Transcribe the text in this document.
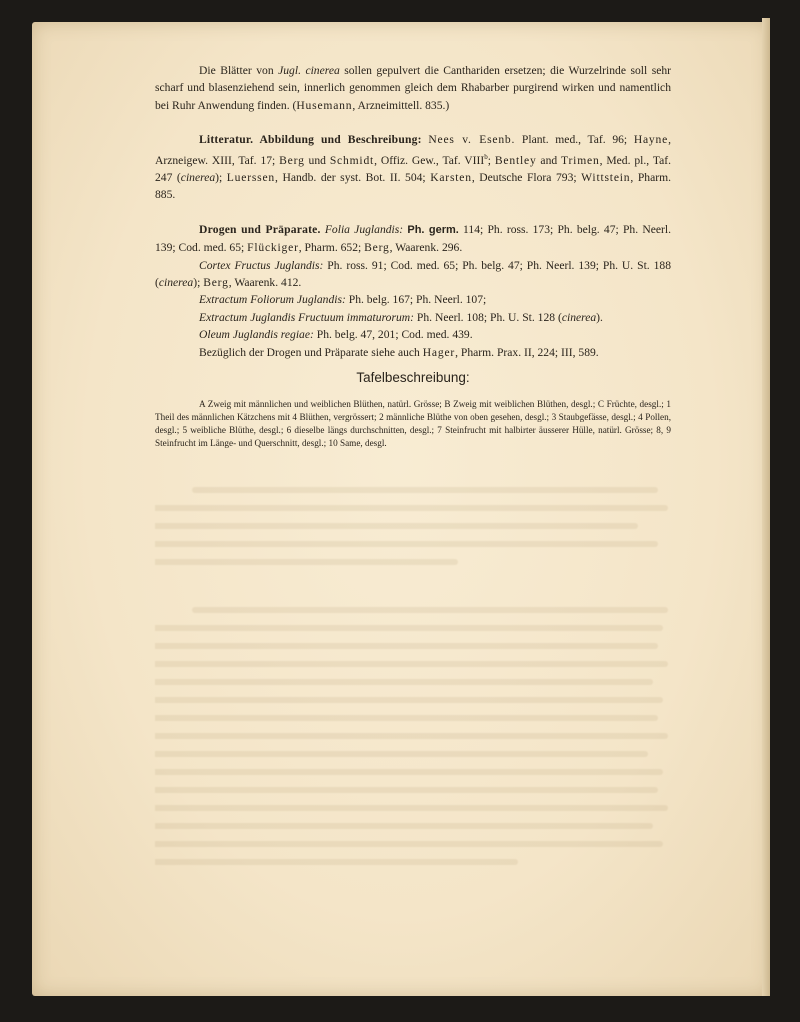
Die Blätter von Jugl. cinerea sollen gepulvert die Canthariden ersetzen; die Wurzelrinde soll sehr scharf und blasenziehend sein, innerlich genommen gleich dem Rhabarber purgirend wirken und namentlich bei Ruhr Anwendung finden. (Husemann, Arzneimittell. 835.)

Litteratur. Abbildung und Beschreibung: Nees v. Esenb. Plant. med., Taf. 96; Hayne, Arzneigew. XIII, Taf. 17; Berg und Schmidt, Offiz. Gew., Taf. VIII$^b$; Bentley and Trimen, Med. pl., Taf. 247 (cinerea); Luerssen, Handb. der syst. Bot. II. 504; Karsten, Deutsche Flora 793; Wittstein, Pharm. 885.

Drogen und Präparate. Folia Juglandis: Ph. germ. 114; Ph. ross. 173; Ph. belg. 47; Ph. Neerl. 139; Cod. med. 65; Flückiger, Pharm. 652; Berg, Waarenk. 296.

Cortex Fructus Juglandis: Ph. ross. 91; Cod. med. 65; Ph. belg. 47; Ph. Neerl. 139; Ph. U. St. 188 (cinerea); Berg, Waarenk. 412.

Extractum Foliorum Juglandis: Ph. belg. 167; Ph. Neerl. 107;

Extractum Juglandis Fructuum immaturorum: Ph. Neerl. 108; Ph. U. St. 128 (cinerea).

Oleum Juglandis regiae: Ph. belg. 47, 201; Cod. med. 439.

Bezüglich der Drogen und Präparate siehe auch Hager, Pharm. Prax. II, 224; III, 589.

Tafelbeschreibung:
A Zweig mit männlichen und weiblichen Blüthen, natürl. Grösse; B Zweig mit weiblichen Blüthen, desgl.; C Früchte, desgl.; 1 Theil des männlichen Kätzchens mit 4 Blüthen, vergrössert; 2 männliche Blüthe von oben gesehen, desgl.; 3 Staubgefässe, desgl.; 4 Pollen, desgl.; 5 weibliche Blüthe, desgl.; 6 dieselbe längs durchschnitten, desgl.; 7 Steinfrucht mit halbirter äusserer Hülle, natürl. Grösse; 8, 9 Steinfrucht im Länge- und Querschnitt, desgl.; 10 Same, desgl.
